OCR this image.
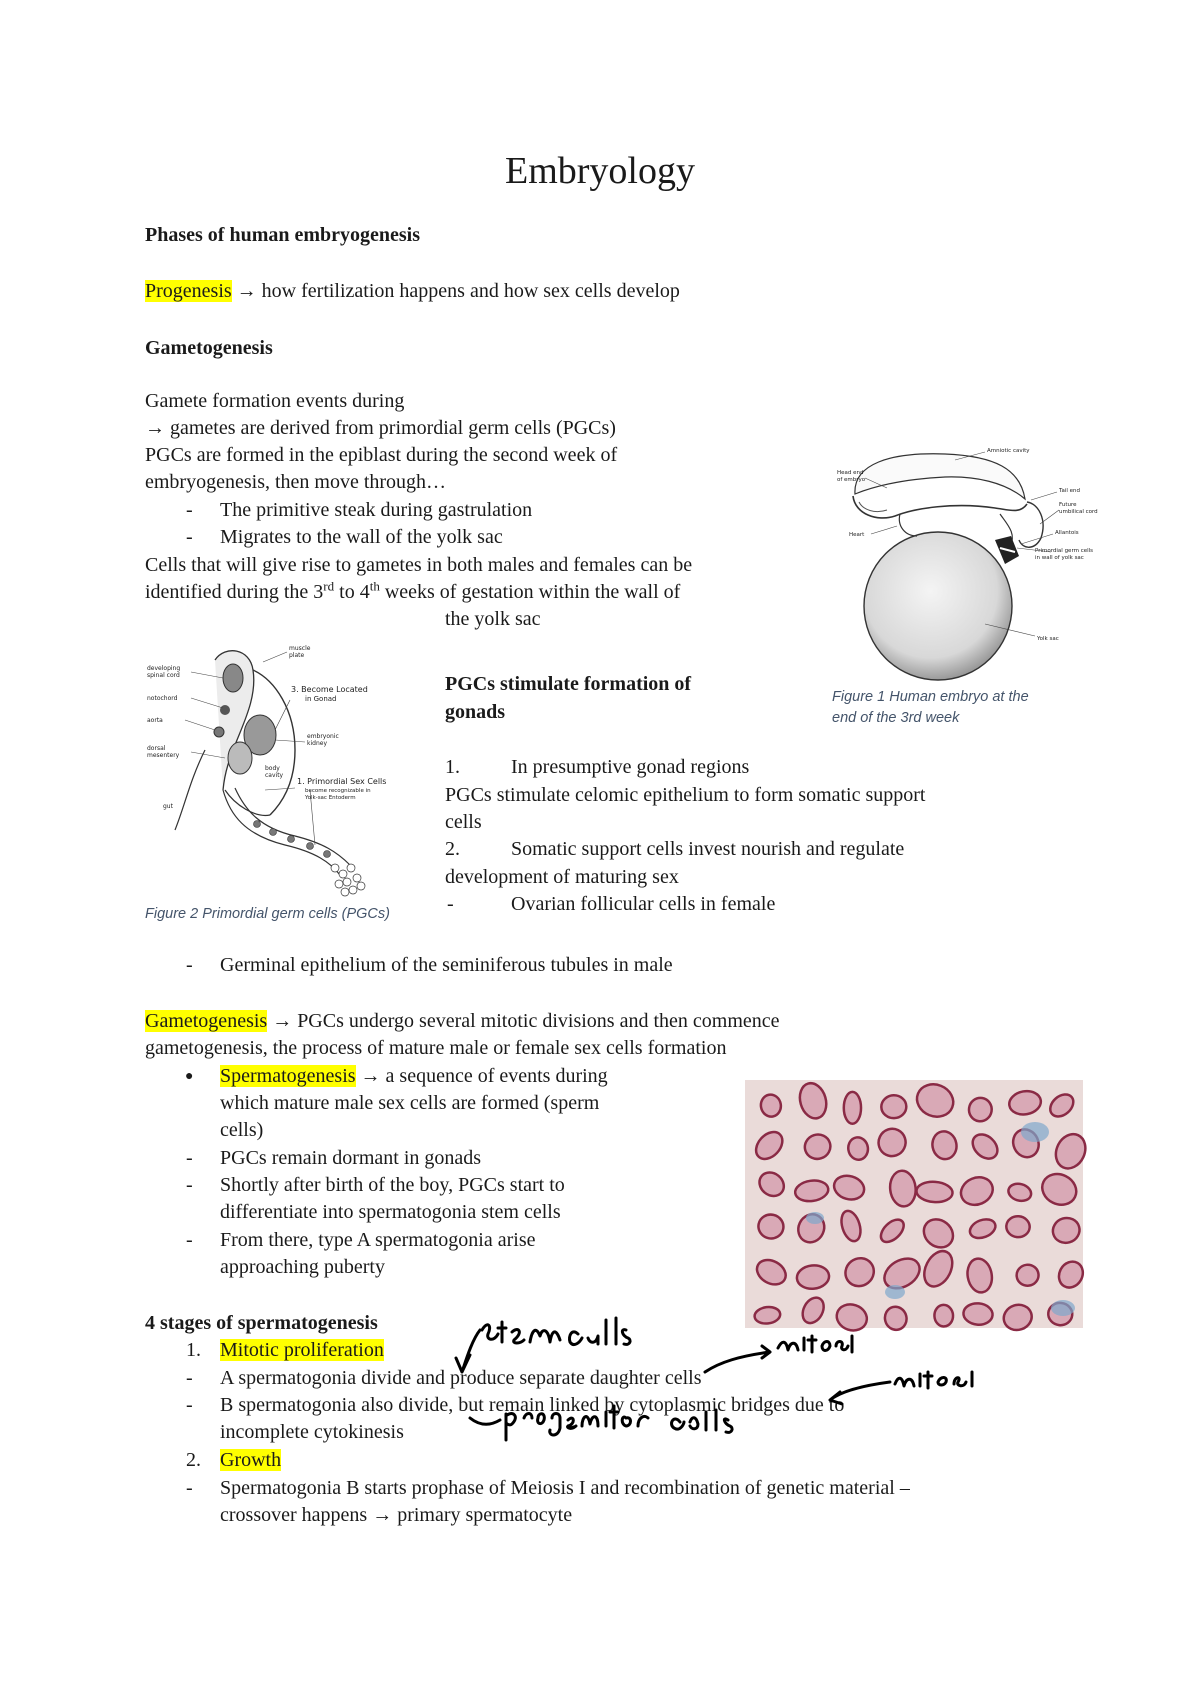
Embryology
Phases of human embryogenesis
Progenesis → how fertilization happens and how sex cells develop
Gametogenesis
Gamete formation events during
→ gametes are derived from primordial germ cells (PGCs)
PGCs are formed in the epiblast during the second week of
embryogenesis, then move through…
- The primitive steak during gastrulation
- Migrates to the wall of the yolk sac
Cells that will give rise to gametes in both males and females can be
identified during the 3rd to 4th weeks of gestation within the wall of
the yolk sac
Head end
of embryo
Amniotic cavity
Tail end
Future
umbilical cord
Heart	Allantois
Primordial germ cells
in wall of yolk sac
Yolk sac
Figure 1 Human embryo at the
end of the 3rd week
developing
spinal cord
notochord
aorta
dorsal
mesentery
gut
muscle
plate
3. Become Located
in Gonad
embryonic
kidney
body
cavity
1. Primordial Sex Cells
become recognizable in
Yolk-sac Entoderm
Figure 2 Primordial germ cells (PGCs)
PGCs stimulate formation of
gonads
1.	In presumptive gonad regions
PGCs stimulate celomic epithelium to form somatic support
cells
2.	Somatic support cells invest nourish and regulate
development of maturing sex
-	Ovarian follicular cells in female
- Germinal epithelium of the seminiferous tubules in male
Gametogenesis → PGCs undergo several mitotic divisions and then commence
gametogenesis, the process of mature male or female sex cells formation
● Spermatogenesis → a sequence of events during
which mature male sex cells are formed (sperm
cells)
- PGCs remain dormant in gonads
- Shortly after birth of the boy, PGCs start to
differentiate into spermatogonia stem cells
- From there, type A spermatogonia arise
approaching puberty
4 stages of spermatogenesis
1. Mitotic proliferation
- A spermatogonia divide and produce separate daughter cells
- B spermatogonia also divide, but remain linked by cytoplasmic bridges due to
incomplete cytokinesis
2. Growth
- Spermatogonia B starts prophase of Meiosis I and recombination of genetic material –
crossover happens → primary spermatocyte
